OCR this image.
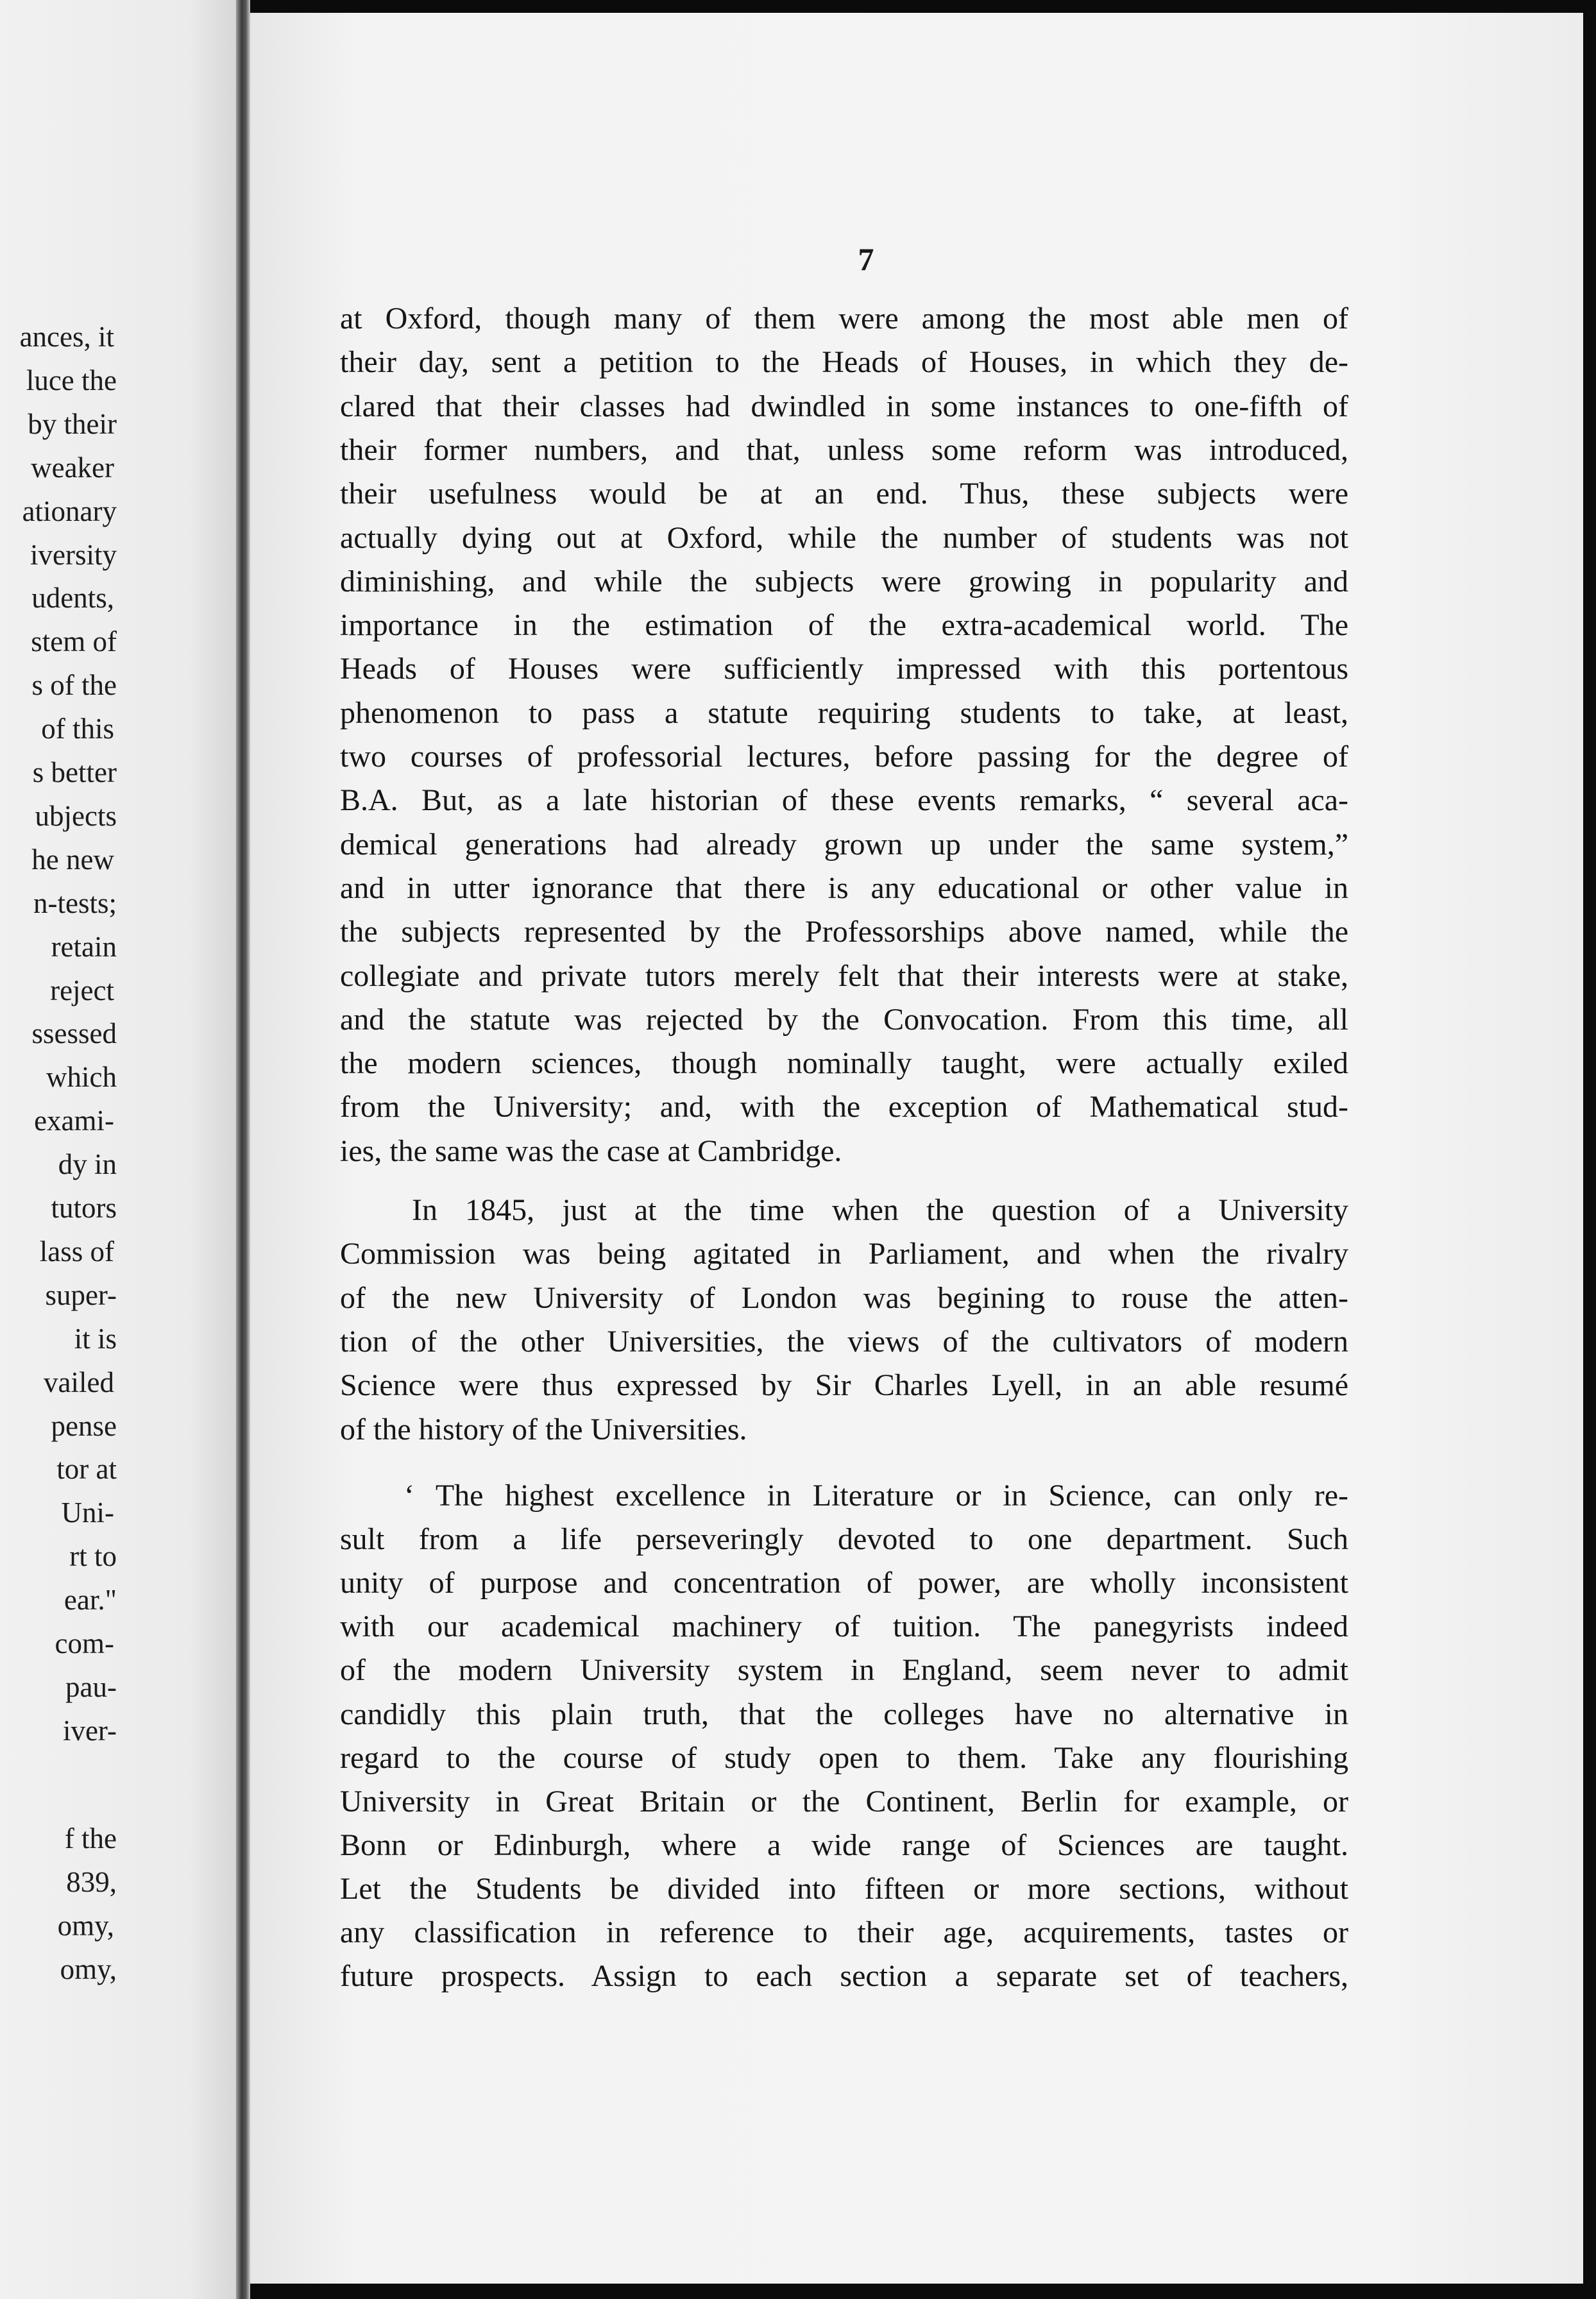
ances, it
luce the
by their
weaker
ationary
iversity
udents,
stem of
s of the
of this
s better
ubjects
he new
n-tests;
retain
reject
ssessed
which
exami-
dy in
tutors
lass of
super-
it is
vailed
pense
tor at
Uni-
rt to
ear."
com-
pau-
iver-
f the
839,
omy,
omy,
7
at Oxford, though many of them were among the most able men of
their day, sent a petition to the Heads of Houses, in which they de-
clared that their classes had dwindled in some instances to one-fifth of
their former numbers, and that, unless some reform was introduced,
their usefulness would be at an end. Thus, these subjects were
actually dying out at Oxford, while the number of students was not
diminishing, and while the subjects were growing in popularity and
importance in the estimation of the extra-academical world. The
Heads of Houses were sufficiently impressed with this portentous
phenomenon to pass a statute requiring students to take, at least,
two courses of professorial lectures, before passing for the degree of
B.A. But, as a late historian of these events remarks, “ several aca-
demical generations had already grown up under the same system,”
and in utter ignorance that there is any educational or other value in
the subjects represented by the Professorships above named, while the
collegiate and private tutors merely felt that their interests were at stake,
and the statute was rejected by the Convocation. From this time, all
the modern sciences, though nominally taught, were actually exiled
from the University; and, with the exception of Mathematical stud-
ies, the same was the case at Cambridge.
In 1845, just at the time when the question of a University
Commission was being agitated in Parliament, and when the rivalry
of the new University of London was begining to rouse the atten-
tion of the other Universities, the views of the cultivators of modern
Science were thus expressed by Sir Charles Lyell, in an able resumé
of the history of the Universities.
‘ The highest excellence in Literature or in Science, can only re-
sult from a life perseveringly devoted to one department. Such
unity of purpose and concentration of power, are wholly inconsistent
with our academical machinery of tuition. The panegyrists indeed
of the modern University system in England, seem never to admit
candidly this plain truth, that the colleges have no alternative in
regard to the course of study open to them. Take any flourishing
University in Great Britain or the Continent, Berlin for example, or
Bonn or Edinburgh, where a wide range of Sciences are taught.
Let the Students be divided into fifteen or more sections, without
any classification in reference to their age, acquirements, tastes or
future prospects. Assign to each section a separate set of teachers,
